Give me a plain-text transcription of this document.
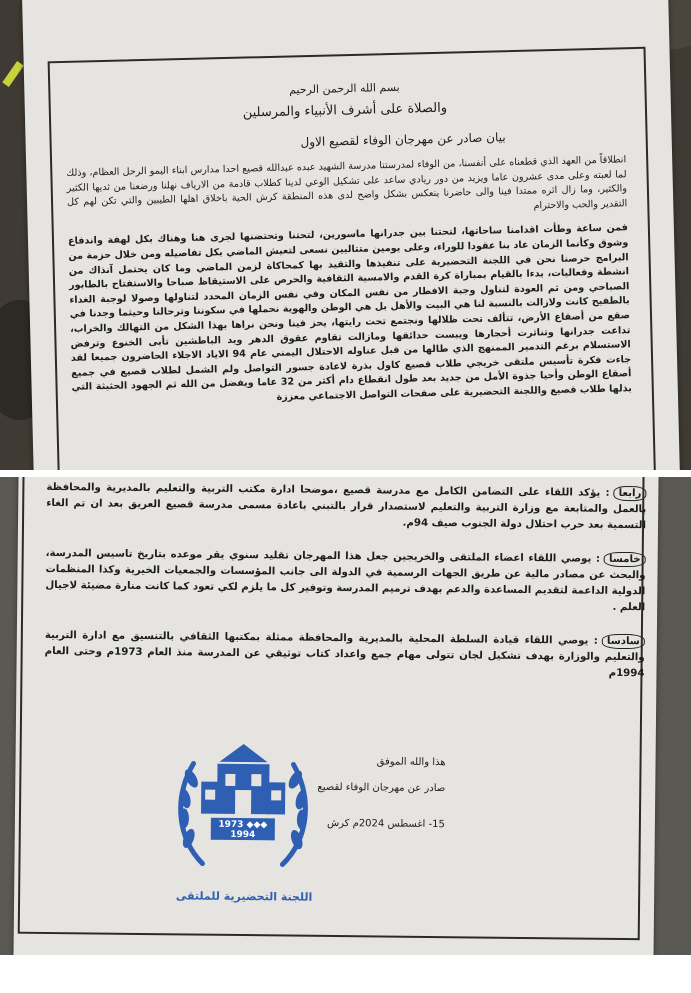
بسم الله الرحمن الرحيم
والصلاة على أشرف الأنبياء والمرسلين
بيان صادر عن مهرجان الوفاء لقصيع الاول

انطلاقاً من العهد الذي قطعناه على أنفسنا، من الوفاء لمدرستنا مدرسة الشهيد عبده عبدالله قصيع احدا مدارس ابناء اليمو الرحل العظام، وذلك لما لعبته وعلى مدى عشرون عاما ويزيد من دور ريادي ساعد على تشكيل الوعي لدينا كطلاب قادمة من الارياف نهلنا ورضعنا من ثديها الكثير والكثير، وما زال اثره ممتدا فينا والى حاضرنا ينعكس بشكل واضح لدى هذه المنطقة كرش الحية باخلاق اهلها الطيبين والتي تكن لهم كل التقدير والحب والاحترام

فمن ساعة وطأت اقدامنا ساحاتها، لتحتنا بين جدرانها ماسورين، لتحتنا وتحتضنها لجرى هنا وهناك بكل لهفة واندفاع وشوق وكأنما الزمان عاد بنا عقودا للوراء، وعلى يومين متتاليين نسعى لتعيش الماضي بكل تفاصيله ومن خلال حزمة من البرامج حرصنا نحن في اللجنة التحضيرية على تنفيذها والتقيد بها كمحاكاة لزمن الماضي وما كان يحتمل آنذاك من انشطة وفعاليات، بدءا بالقيام بمباراة كرة القدم والامسية الثقافية والحرص على الاستيقاظ صباحا والاستفتاح بالطابور الصباحي ومن ثم العودة لتناول وجبة الافطار من نفس المكان وفي نفس الزمان المحدد لتناولها وصولا لوجبة الغداء بالطفيح كانت ولازالت بالنسبة لنا هي البيت والأهل بل هي الوطن والهوية نحملها في سكوننا وترحالنا وحيثما وجدنا في صقع من أصقاع الأرض، تتألف تحت ظلالها ونجتمع تحت رايتها، يحز فينا ونحن نراها بهذا الشكل من التهالك والخراب، تداعت جدرانها وتناثرت أحجارها ويبست حدائقها ومازالت تقاوم عقوق الدهر ويد الباطشين تأبى الخنوع وترفض الاستسلام برغم التدمير الممنهج الذي طالها من قبل عناوله الاحتلال اليمني عام 94 الاياد الاجلاء الحاضرون جميعا لقد جاءت فكرة تأسيس ملتقى خريجي طلاب قصيع كاول بذرة لاعادة جسور التواصل ولم الشمل لطلاب قصيع في جميع أصقاع الوطن وأحيا جذوة الأمل من جديد بعد طول انقطاع دام أكثر من 32 عاما ويفضل من الله ثم الجهود الحثيثة التي بذلها طلاب قصيع واللجنة التحضيرية على صفحات التواصل الاجتماعي معززة

رابعا: يؤكد اللقاء على التضامن الكامل مع مدرسة قصيع ،موضحا ادارة مكتب التربية والتعليم بالمديرية والمحافظة بالعمل والمتابعة مع وزارة التربية والتعليم لاستصدار قرار بالتبني باعادة مسمى مدرسة قصيع العريق بعد ان تم الغاء التسمية بعد حرب احتلال دولة الجنوب صيف 94م.

خامسا: يوصي اللقاء اعضاء الملتقى والخريجين جعل هذا المهرجان تقليد سنوي يقر موعده بتاريخ تاسيس المدرسة، والبحث عن مصادر مالية عن طريق الجهات الرسمية في الدولة الى جانب المؤسسات والجمعيات الخيرية وكذا المنظمات الدولية الداعمة لتقديم المساعدة والدعم بهدف ترميم المدرسة وتوفير كل ما يلزم لكي تعود كما كانت منارة مضيئة لاجيال العلم .

سادسا: يوصي اللقاء قيادة السلطة المحلية بالمديرية والمحافظة ممثلة بمكتبها الثقافي بالتنسيق مع ادارة التربية والتعليم والوزارة بهدف تشكيل لجان تتولى مهام جمع واعداد كتاب توثيقي عن المدرسة منذ العام 1973م وحتى العام 1994م

هذا والله الموفق
صادر عن مهرجان الوفاء لقصيع
15- اغسطس 2024م كرش
1973 ◆◆◆ 1994
اللجنة التحضيرية للملتقى
